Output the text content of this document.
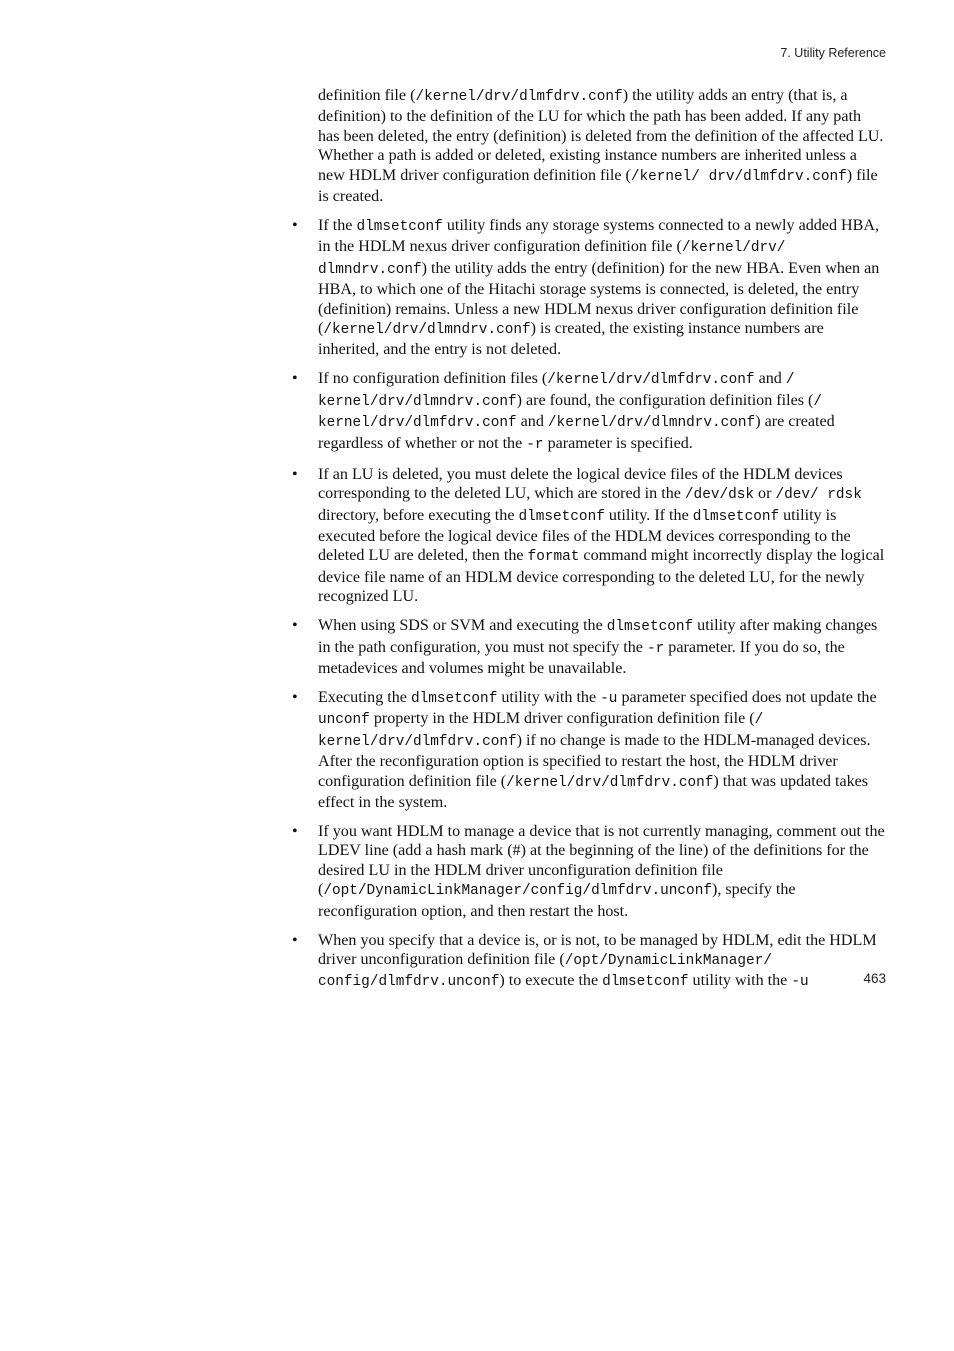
7. Utility Reference

definition file (/kernel/drv/dlmfdrv.conf) the utility adds an entry (that is, a definition) to the definition of the LU for which the path has been added. If any path has been deleted, the entry (definition) is deleted from the definition of the affected LU. Whether a path is added or deleted, existing instance numbers are inherited unless a new HDLM driver configuration definition file (/kernel/ drv/dlmfdrv.conf) file is created.

• If the dlmsetconf utility finds any storage systems connected to a newly added HBA, in the HDLM nexus driver configuration definition file (/kernel/drv/ dlmndrv.conf) the utility adds the entry (definition) for the new HBA. Even when an HBA, to which one of the Hitachi storage systems is connected, is deleted, the entry (definition) remains. Unless a new HDLM nexus driver configuration definition file (/kernel/drv/dlmndrv.conf) is created, the existing instance numbers are inherited, and the entry is not deleted.
• If no configuration definition files (/kernel/drv/dlmfdrv.conf and / kernel/drv/dlmndrv.conf) are found, the configuration definition files (/ kernel/drv/dlmfdrv.conf and /kernel/drv/dlmndrv.conf) are created regardless of whether or not the -r parameter is specified.
• If an LU is deleted, you must delete the logical device files of the HDLM devices corresponding to the deleted LU, which are stored in the /dev/dsk or /dev/ rdsk directory, before executing the dlmsetconf utility. If the dlmsetconf utility is executed before the logical device files of the HDLM devices corresponding to the deleted LU are deleted, then the format command might incorrectly display the logical device file name of an HDLM device corresponding to the deleted LU, for the newly recognized LU.
• When using SDS or SVM and executing the dlmsetconf utility after making changes in the path configuration, you must not specify the -r parameter. If you do so, the metadevices and volumes might be unavailable.
• Executing the dlmsetconf utility with the -u parameter specified does not update the unconf property in the HDLM driver configuration definition file (/ kernel/drv/dlmfdrv.conf) if no change is made to the HDLM-managed devices. After the reconfiguration option is specified to restart the host, the HDLM driver configuration definition file (/kernel/drv/dlmfdrv.conf) that was updated takes effect in the system.
• If you want HDLM to manage a device that is not currently managing, comment out the LDEV line (add a hash mark (#) at the beginning of the line) of the definitions for the desired LU in the HDLM driver unconfiguration definition file (/opt/DynamicLinkManager/config/dlmfdrv.unconf), specify the reconfiguration option, and then restart the host.
• When you specify that a device is, or is not, to be managed by HDLM, edit the HDLM driver unconfiguration definition file (/opt/DynamicLinkManager/ config/dlmfdrv.unconf) to execute the dlmsetconf utility with the -u	463
